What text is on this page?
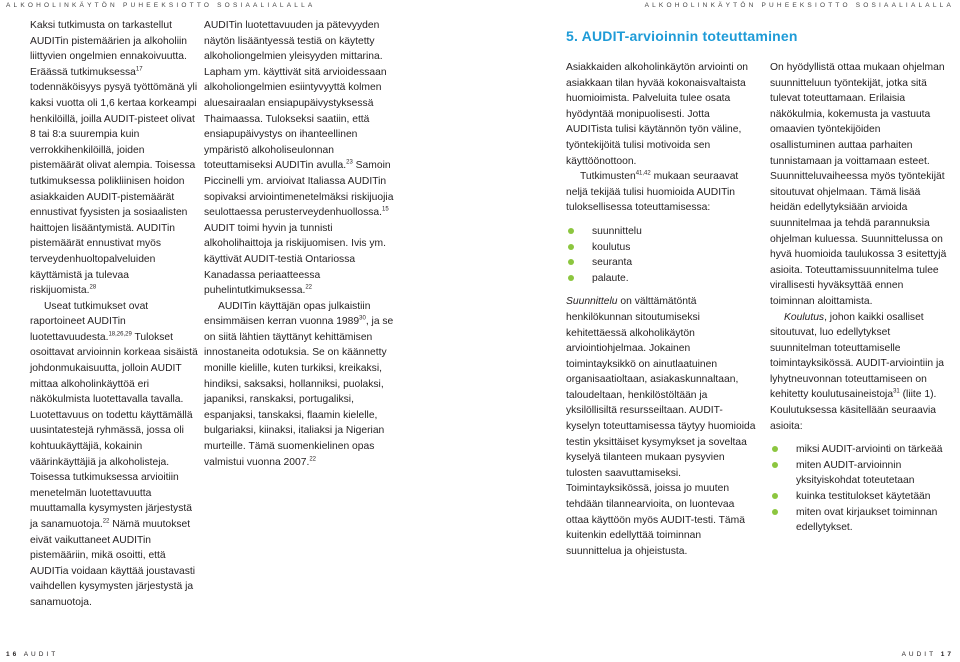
ALKOHOLINKÄYTÖN PUHEEKSIOTTO SOSIAALIALALLA	ALKOHOLINKÄYTÖN PUHEEKSIOTTO SOSIAALIALALLA

Kaksi tutkimusta on tarkastellut AUDITin pistemäärien ja alkoholiin liittyvien ongelmien ennakoivuutta. Eräässä tutkimuksessa$^{17}$ todennäköisyys pysyä työttömänä yli kaksi vuotta oli 1,6 kertaa korkeampi henkilöillä, joilla AUDIT-pisteet olivat 8 tai 8:a suurempia kuin verrokkihenkilöillä, joiden pistemäärät olivat alempia. Toisessa tutkimuksessa polikliinisen hoidon asiakkaiden AUDIT-pistemäärät ennustivat fyysisten ja sosiaalisten haittojen lisääntymistä. AUDITin pistemäärät ennustivat myös terveydenhuoltopalveluiden käyttämistä ja tulevaa riskijuomista.$^{28}$

Useat tutkimukset ovat raportoineet AUDITin luotettavuudesta.$^{18,26,29}$ Tulokset osoittavat arvioinnin korkeaa sisäistä johdonmukaisuutta, jolloin AUDIT mittaa alkoholinkäyttöä eri näkökulmista luotettavalla tavalla. Luotettavuus on todettu käyttämällä uusintatestejä ryhmässä, jossa oli kohtuukäyttäjiä, kokainin väärinkäyttäjiä ja alkoholisteja. Toisessa tutkimuksessa arvioitiin menetelmän luotettavuutta muuttamalla kysymysten järjestystä ja sanamuotoja.$^{22}$ Nämä muutokset eivät vaikuttaneet AUDITin pistemääriin, mikä osoitti, että AUDITia voidaan käyttää joustavasti vaihdellen kysymysten järjestystä ja sanamuotoja.

AUDITin luotettavuuden ja pätevyyden näytön lisääntyessä testiä on käytetty alkoholiongelmien yleisyyden mittarina. Lapham ym. käyttivät sitä arvioidessaan alkoholiongelmien esiintyvyyttä kolmen aluesairaalan ensiapupäivystyksessä Thaimaassa. Tulokseksi saatiin, että ensiapupäivystys on ihanteellinen ympäristö alkoholiseulonnan toteuttamiseksi AUDITin avulla.$^{23}$ Samoin Piccinelli ym. arvioivat Italiassa AUDITin sopivaksi arviointimenetelmäksi riskijuojia seulottaessa perusterveydenhuollossa.$^{15}$ AUDIT toimi hyvin ja tunnisti alkoholihaittoja ja riskijuomisen. Ivis ym. käyttivät AUDIT-testiä Ontariossa Kanadassa periaatteessa puhelintutkimuksessa.$^{22}$

AUDITin käyttäjän opas julkaistiin ensimmäisen kerran vuonna 1989$^{30}$, ja se on siitä lähtien täyttänyt kehittämisen innostaneita odotuksia. Se on käännetty monille kielille, kuten turkiksi, kreikaksi, hindiksi, saksaksi, hollanniksi, puolaksi, japaniksi, ranskaksi, portugaliksi, espanjaksi, tanskaksi, flaamin kielelle, bulgariaksi, kiinaksi, italiaksi ja Nigerian murteille. Tämä suomenkielinen opas valmistui vuonna 2007.22

5. AUDIT-arvioinnin toteuttaminen

Asiakkaiden alkoholinkäytön arviointi on asiakkaan tilan hyvää kokonaisvaltaista huomioimista. Palveluita tulee osata hyödyntää monipuolisesti. Jotta AUDITista tulisi käytännön työn väline, työntekijöitä tulisi motivoida sen käyttöönottoon.

Tutkimusten$^{41,42}$ mukaan seuraavat neljä tekijää tulisi huomioida AUDITin tuloksellisessa toteuttamisessa:

suunnittelu
koulutus
seuranta
palaute.

Suunnittelu on välttämätöntä henkilökunnan sitoutumiseksi kehitettäessä alkoholikäytön arviointiohjelmaa. Jokainen toimintayksikkö on ainutlaatuinen organisaatioltaan, asiakaskunnaltaan, taloudeltaan, henkilöstöltään ja yksilöllisiltä resursseiltaan. AUDIT-kyselyn toteuttamisessa täytyy huomioida testin yksittäiset kysymykset ja soveltaa kyselyä tilanteen mukaan pysyvien tulosten saavuttamiseksi. Toimintayksikössä, joissa jo muuten tehdään tilannearvioita, on luontevaa ottaa käyttöön myös AUDIT-testi. Tämä kuitenkin edellyttää toiminnan suunnittelua ja ohjeistusta.

On hyödyllistä ottaa mukaan ohjelman suunnitteluun työntekijät, jotka sitä tulevat toteuttamaan. Erilaisia näkökulmia, kokemusta ja vastuuta omaavien työntekijöiden osallistuminen auttaa parhaiten tunnistamaan ja voittamaan esteet. Suunnitteluvaiheessa myös työntekijät sitoutuvat ohjelmaan. Tämä lisää heidän edellytyksiään arvioida suunnitelmaa ja tehdä parannuksia ohjelman kuluessa. Suunnittelussa on hyvä huomioida taulukossa 3 esitettyjä asioita. Toteuttamissuunnitelma tulee virallisesti hyväksyttää ennen toiminnan aloittamista.

Koulutus, johon kaikki osalliset sitoutuvat, luo edellytykset suunnitelman toteuttamiselle toimintayksikössä. AUDIT-arviointiin ja lyhytneuvonnan toteuttamiseen on kehitetty koulutusaineistoja$^{31}$ (liite 1). Koulutuksessa käsitellään seuraavia asioita:

miksi AUDIT-arviointi on tärkeää
miten AUDIT-arvioinnin yksityiskohdat toteutetaan
kuinka testitulokset käytetään
miten ovat kirjaukset toiminnan edellytykset.
16 AUDIT	AUDIT 17
